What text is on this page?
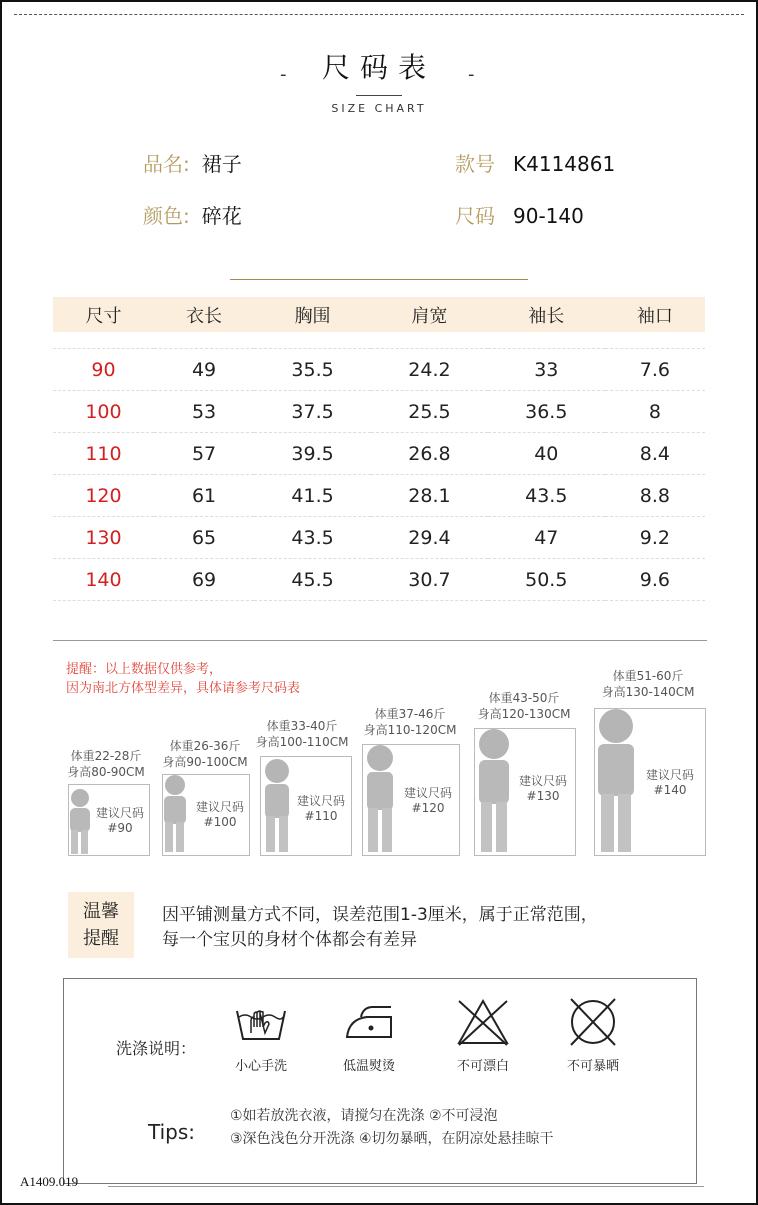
- 尺码表 -
SIZE CHART
品名: 裙子	款号 K4114861
颜色: 碎花	尺码 90-140
尺寸	衣长	胸围	肩宽	袖长	袖口

90	49	35.5	24.2	33	7.6
100	53	37.5	25.5	36.5	8
110	57	39.5	26.8	40	8.4
120	61	41.5	28.1	43.5	8.8
130	65	43.5	29.4	47	9.2
140	69	45.5	30.7	50.5	9.6
提醒：以上数据仅供参考，
因为南北方体型差异，具体请参考尺码表
体重22-28斤
身高80-90CM
建议尺码
#90
体重26-36斤
身高90-100CM
建议尺码
#100
体重33-40斤
身高100-110CM
建议尺码
#110
体重37-46斤
身高110-120CM
建议尺码
#120
体重43-50斤
身高120-130CM
建议尺码
#130
体重51-60斤
身高130-140CM
建议尺码
#140
温馨
提醒
因平铺测量方式不同，误差范围1-3厘米，属于正常范围，
每一个宝贝的身材个体都会有差异
洗涤说明：
小心手洗	低温熨烫	不可漂白	不可暴晒
Tips:
①如若放洗衣液，请搅匀在洗涤 ②不可浸泡
③深色浅色分开洗涤 ④切勿暴晒，在阴凉处悬挂晾干
A1409.019
